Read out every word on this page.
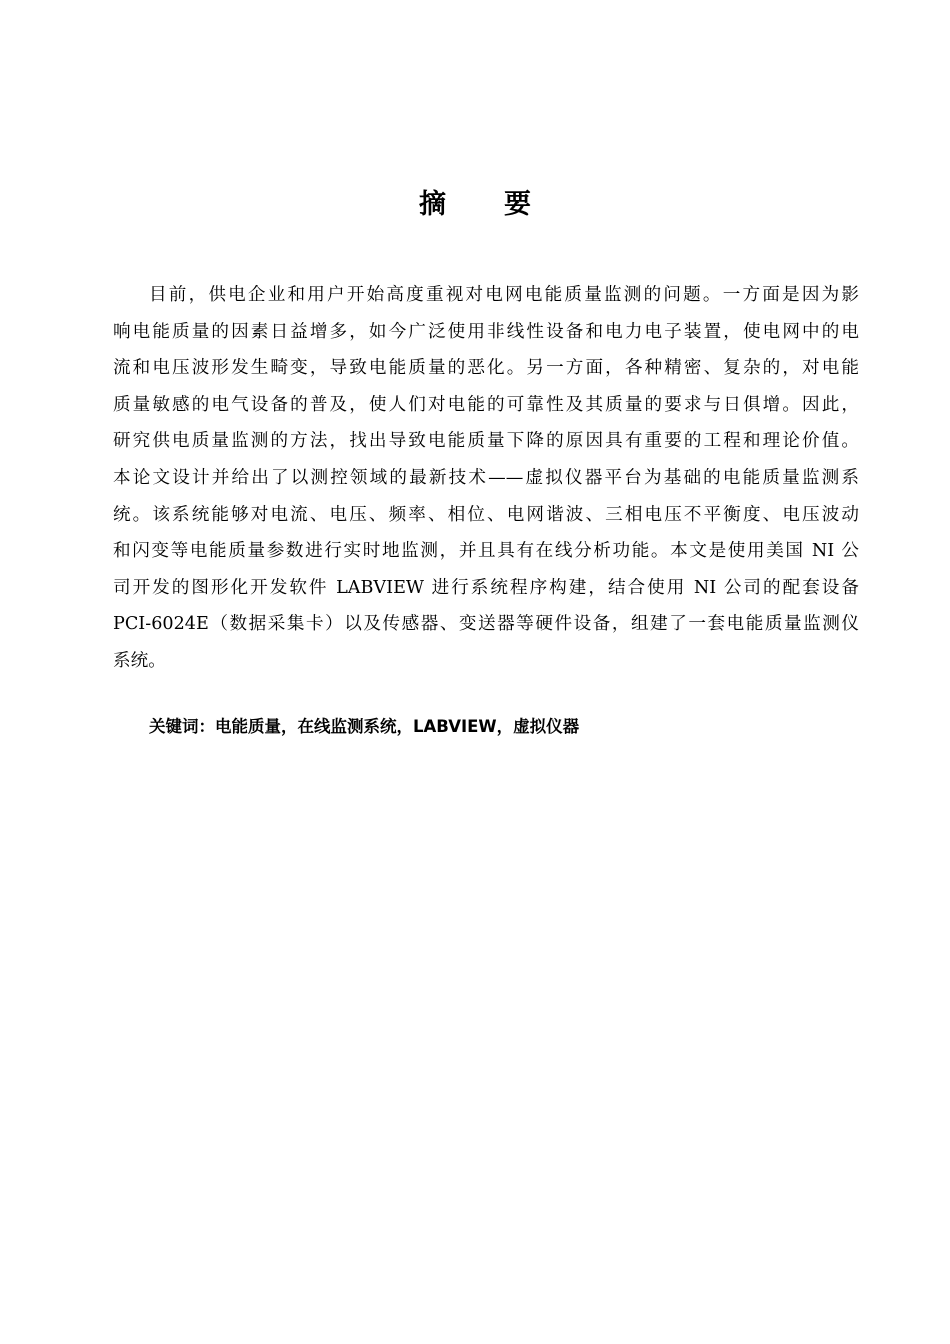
摘 要
目前，供电企业和用户开始高度重视对电网电能质量监测的问题。一方面是因为影
响电能质量的因素日益增多，如今广泛使用非线性设备和电力电子装置，使电网中的电
流和电压波形发生畸变，导致电能质量的恶化。另一方面，各种精密、复杂的，对电能
质量敏感的电气设备的普及，使人们对电能的可靠性及其质量的要求与日俱增。因此，
研究供电质量监测的方法，找出导致电能质量下降的原因具有重要的工程和理论价值。
本论文设计并给出了以测控领域的最新技术——虚拟仪器平台为基础的电能质量监测系
统。该系统能够对电流、电压、频率、相位、电网谐波、三相电压不平衡度、电压波动
和闪变等电能质量参数进行实时地监测，并且具有在线分析功能。本文是使用美国 NI 公
司开发的图形化开发软件 LABVIEW 进行系统程序构建，结合使用 NI 公司的配套设备
PCI-6024E（数据采集卡）以及传感器、变送器等硬件设备，组建了一套电能质量监测仪
系统。
关键词：电能质量，在线监测系统，LABVIEW，虚拟仪器
